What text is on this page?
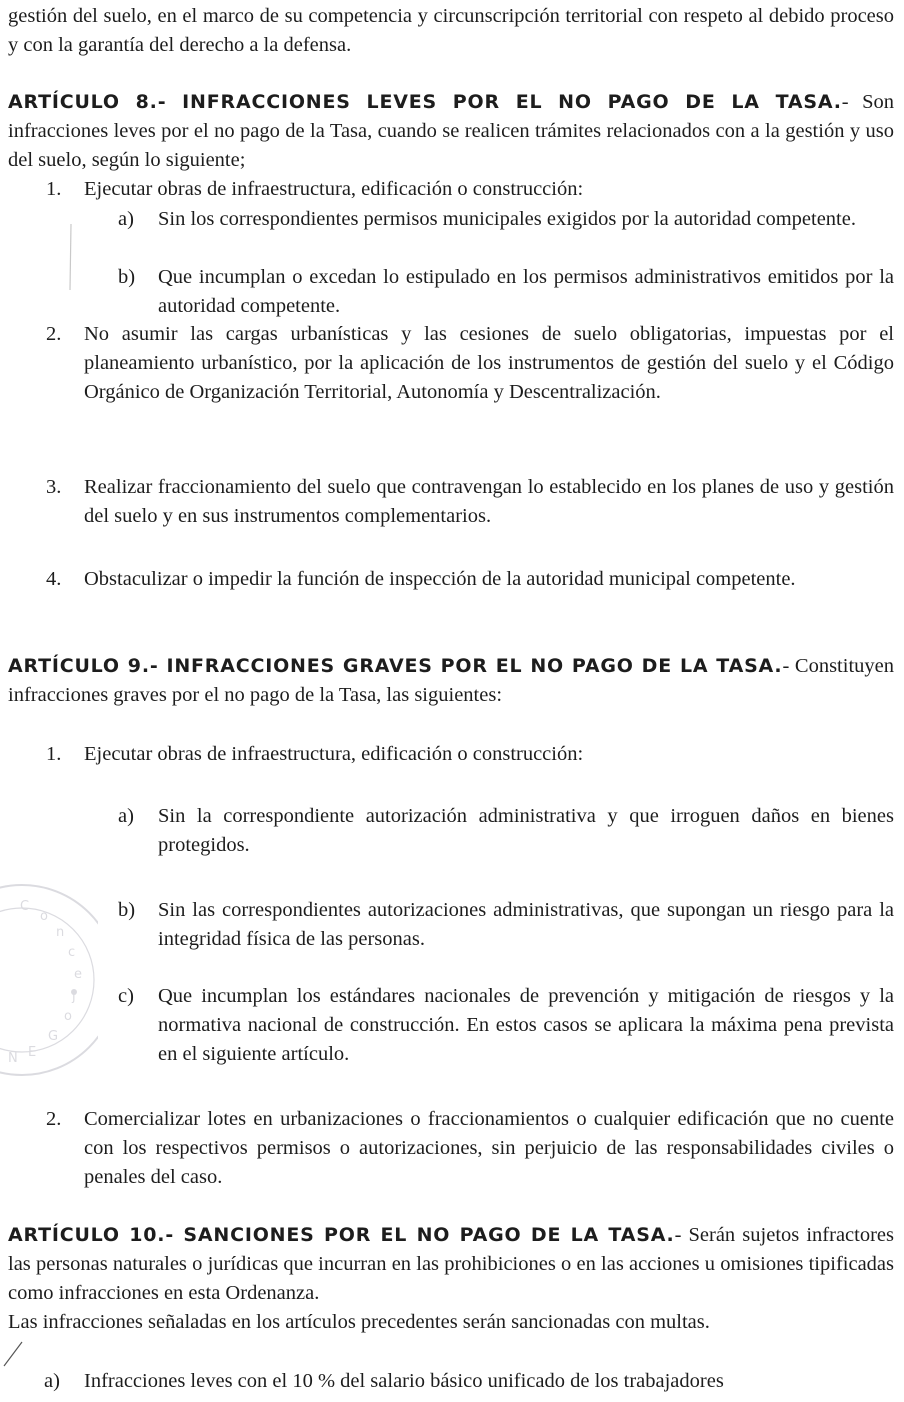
C
o
n
c
e
j
o
G
E
N

gestión del suelo, en el marco de su competencia y circunscripción territorial con respeto al debido proceso y con la garantía del derecho a la defensa.

ARTÍCULO 8.- INFRACCIONES LEVES POR EL NO PAGO DE LA TASA.- Son infracciones leves por el no pago de la Tasa, cuando se realicen trámites relacionados con a la gestión y uso del suelo, según lo siguiente;

1. Ejecutar obras de infraestructura, edificación o construcción:
a) Sin los correspondientes permisos municipales exigidos por la autoridad competente.
b) Que incumplan o excedan lo estipulado en los permisos administrativos emitidos por la autoridad competente.
2. No asumir las cargas urbanísticas y las cesiones de suelo obligatorias, impuestas por el planeamiento urbanístico, por la aplicación de los instrumentos de gestión del suelo y el Código Orgánico de Organización Territorial, Autonomía y Descentralización.
3. Realizar fraccionamiento del suelo que contravengan lo establecido en los planes de uso y gestión del suelo y en sus instrumentos complementarios.
4. Obstaculizar o impedir la función de inspección de la autoridad municipal competente.

ARTÍCULO 9.- INFRACCIONES GRAVES POR EL NO PAGO DE LA TASA.- Constituyen infracciones graves por el no pago de la Tasa, las siguientes:

1. Ejecutar obras de infraestructura, edificación o construcción:
a) Sin la correspondiente autorización administrativa y que irroguen daños en bienes protegidos.
b) Sin las correspondientes autorizaciones administrativas, que supongan un riesgo para la integridad física de las personas.
c) Que incumplan los estándares nacionales de prevención y mitigación de riesgos y la normativa nacional de construcción. En estos casos se aplicara la máxima pena prevista en el siguiente artículo.
2. Comercializar lotes en urbanizaciones o fraccionamientos o cualquier edificación que no cuente con los respectivos permisos o autorizaciones, sin perjuicio de las responsabilidades civiles o penales del caso.

ARTÍCULO 10.- SANCIONES POR EL NO PAGO DE LA TASA.- Serán sujetos infractores las personas naturales o jurídicas que incurran en las prohibiciones o en las acciones u omisiones tipificadas como infracciones en esta Ordenanza.

Las infracciones señaladas en los artículos precedentes serán sancionadas con multas.

a) Infracciones leves con el 10 % del salario básico unificado de los trabajadores
